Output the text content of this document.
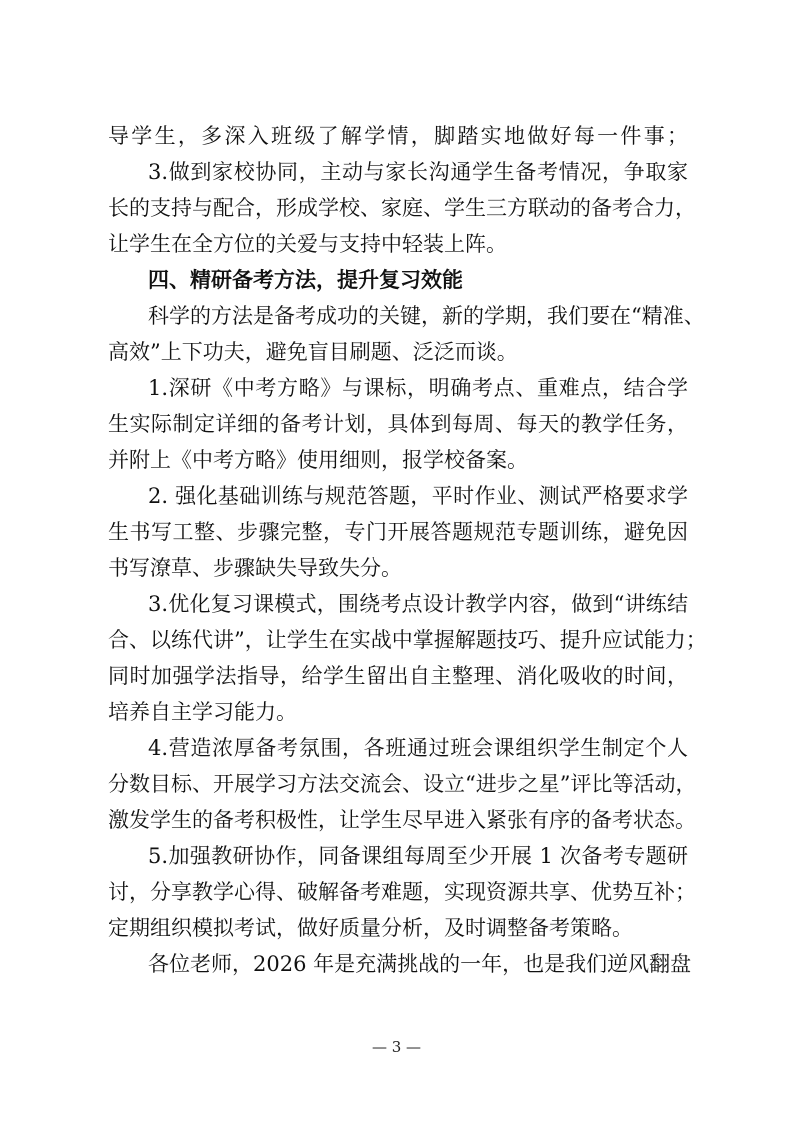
导学生，多深入班级了解学情，脚踏实地做好每一件事；
3.做到家校协同，主动与家长沟通学生备考情况，争取家
长的支持与配合，形成学校、家庭、学生三方联动的备考合力，
让学生在全方位的关爱与支持中轻装上阵。
四、精研备考方法，提升复习效能
科学的方法是备考成功的关键，新的学期，我们要在“精准、
高效”上下功夫，避免盲目刷题、泛泛而谈。
1.深研《中考方略》与课标，明确考点、重难点，结合学
生实际制定详细的备考计划，具体到每周、每天的教学任务，
并附上《中考方略》使用细则，报学校备案。
2. 强化基础训练与规范答题，平时作业、测试严格要求学
生书写工整、步骤完整，专门开展答题规范专题训练，避免因
书写潦草、步骤缺失导致失分。
3.优化复习课模式，围绕考点设计教学内容，做到“讲练结
合、以练代讲”，让学生在实战中掌握解题技巧、提升应试能力；
同时加强学法指导，给学生留出自主整理、消化吸收的时间，
培养自主学习能力。
4.营造浓厚备考氛围，各班通过班会课组织学生制定个人
分数目标、开展学习方法交流会、设立“进步之星”评比等活动，
激发学生的备考积极性，让学生尽早进入紧张有序的备考状态。
5.加强教研协作，同备课组每周至少开展 1 次备考专题研
讨，分享教学心得、破解备考难题，实现资源共享、优势互补；
定期组织模拟考试，做好质量分析，及时调整备考策略。
各位老师，2026 年是充满挑战的一年，也是我们逆风翻盘
— 3 —
